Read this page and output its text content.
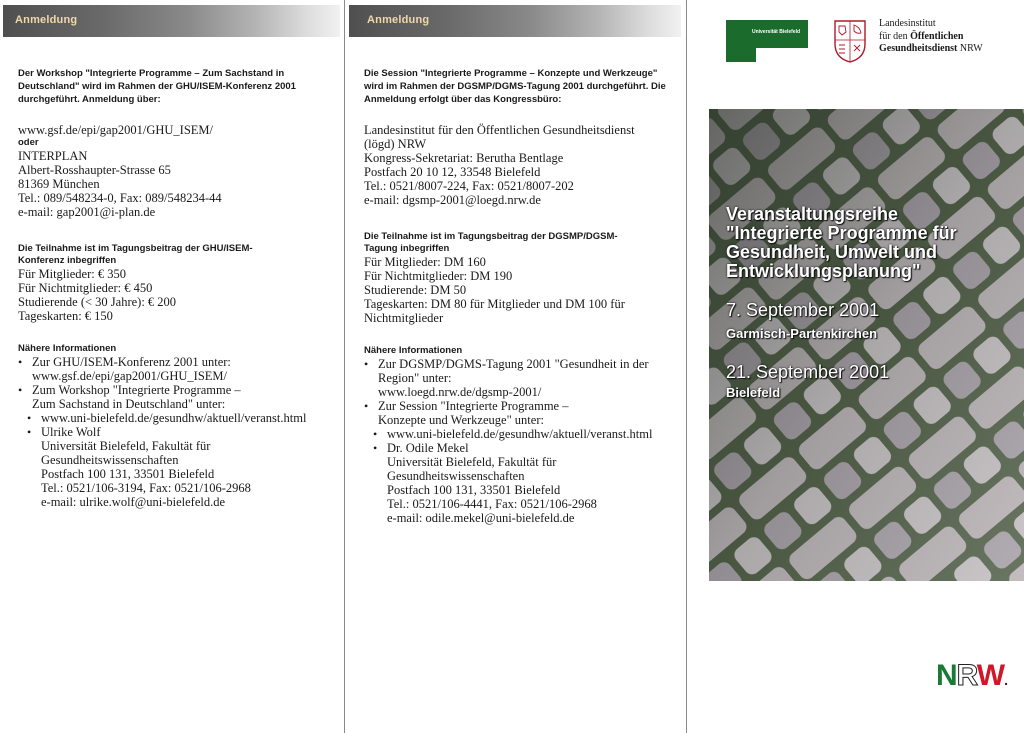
Anmeldung
Der Workshop "Integrierte Programme – Zum Sachstand in Deutschland" wird im Rahmen der GHU/ISEM-Konferenz 2001 durchgeführt. Anmeldung über:
www.gsf.de/epi/gap2001/GHU_ISEM/
oder
INTERPLAN
Albert-Rosshaupter-Strasse 65
81369 München
Tel.: 089/548234-0, Fax: 089/548234-44
e-mail: gap2001@i-plan.de
Die Teilnahme ist im Tagungsbeitrag der GHU/ISEM-
Konferenz inbegriffen
Für Mitglieder: € 350
Für Nichtmitglieder: € 450
Studierende (< 30 Jahre): € 200
Tageskarten: € 150
Nähere Informationen
• Zur GHU/ISEM-Konferenz 2001 unter:
www.gsf.de/epi/gap2001/GHU_ISEM/
• Zum Workshop "Integrierte Programme –
Zum Sachstand in Deutschland" unter:
• www.uni-bielefeld.de/gesundhw/aktuell/veranst.html
• Ulrike Wolf
Universität Bielefeld, Fakultät für
Gesundheitswissenschaften
Postfach 100 131, 33501 Bielefeld
Tel.: 0521/106-3194, Fax: 0521/106-2968
e-mail: ulrike.wolf@uni-bielefeld.de
Anmeldung
Die Session "Integrierte Programme – Konzepte und Werkzeuge" wird im Rahmen der DGSMP/DGMS-Tagung 2001 durchgeführt. Die Anmeldung erfolgt über das Kongressbüro:
Landesinstitut für den Öffentlichen Gesundheitsdienst
(lögd) NRW
Kongress-Sekretariat: Berutha Bentlage
Postfach 20 10 12, 33548 Bielefeld
Tel.: 0521/8007-224, Fax: 0521/8007-202
e-mail: dgsmp-2001@loegd.nrw.de
Die Teilnahme ist im Tagungsbeitrag der DGSMP/DGSM-
Tagung inbegriffen
Für Mitglieder: DM 160
Für Nichtmitglieder: DM 190
Studierende: DM 50
Tageskarten: DM 80 für Mitglieder und DM 100 für
Nichtmitglieder
Nähere Informationen
• Zur DGSMP/DGMS-Tagung 2001 "Gesundheit in der
Region" unter:
www.loegd.nrw.de/dgsmp-2001/
• Zur Session "Integrierte Programme –
Konzepte und Werkzeuge" unter:
• www.uni-bielefeld.de/gesundhw/aktuell/veranst.html
• Dr. Odile Mekel
Universität Bielefeld, Fakultät für
Gesundheitswissenschaften
Postfach 100 131, 33501 Bielefeld
Tel.: 0521/106-4441, Fax: 0521/106-2968
e-mail: odile.mekel@uni-bielefeld.de
Universität Bielefeld
Landesinstitut
für den Öffentlichen
Gesundheitsdienst NRW
Veranstaltungsreihe
"Integrierte Programme für
Gesundheit, Umwelt und
Entwicklungsplanung"
7. September 2001
Garmisch-Partenkirchen
21. September 2001
Bielefeld
NRW.
